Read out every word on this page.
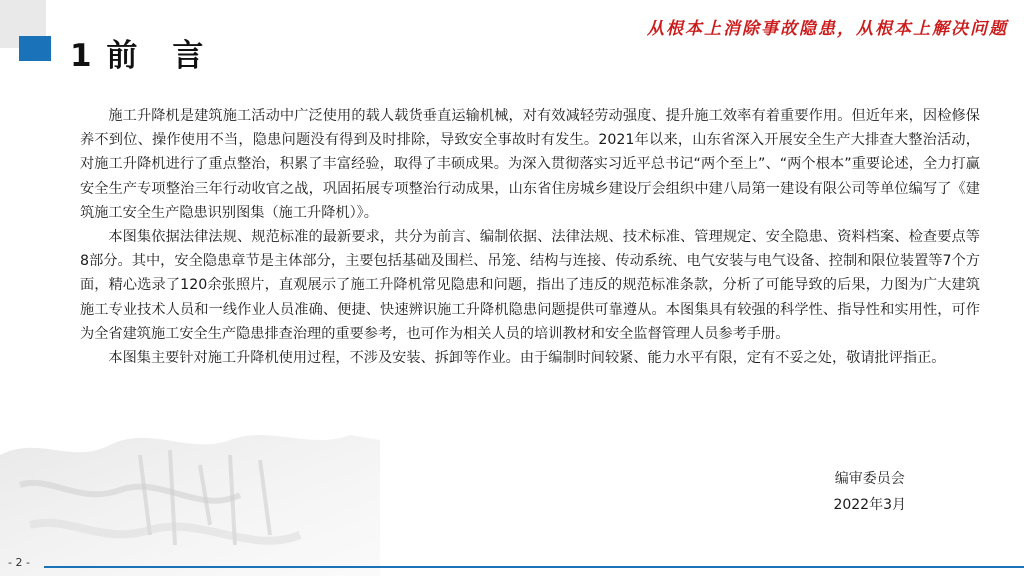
1 前　言
从根本上消除事故隐患，从根本上解决问题

施工升降机是建筑施工活动中广泛使用的载人载货垂直运输机械，对有效减轻劳动强度、提升施工效率有着重要作用。但近年来，因检修保养不到位、操作使用不当，隐患问题没有得到及时排除，导致安全事故时有发生。2021年以来，山东省深入开展安全生产大排查大整治活动，对施工升降机进行了重点整治，积累了丰富经验，取得了丰硕成果。为深入贯彻落实习近平总书记“两个至上”、“两个根本”重要论述，全力打赢安全生产专项整治三年行动收官之战，巩固拓展专项整治行动成果，山东省住房城乡建设厅会组织中建八局第一建设有限公司等单位编写了《建筑施工安全生产隐患识别图集（施工升降机）》。

本图集依据法律法规、规范标准的最新要求，共分为前言、编制依据、法律法规、技术标准、管理规定、安全隐患、资料档案、检查要点等8部分。其中，安全隐患章节是主体部分，主要包括基础及围栏、吊笼、结构与连接、传动系统、电气安装与电气设备、控制和限位装置等7个方面，精心选录了120余张照片，直观展示了施工升降机常见隐患和问题，指出了违反的规范标准条款，分析了可能导致的后果，力图为广大建筑施工专业技术人员和一线作业人员准确、便捷、快速辨识施工升降机隐患问题提供可靠遵从。本图集具有较强的科学性、指导性和实用性，可作为全省建筑施工安全生产隐患排查治理的重要参考，也可作为相关人员的培训教材和安全监督管理人员参考手册。

本图集主要针对施工升降机使用过程，不涉及安装、拆卸等作业。由于编制时间较紧、能力水平有限，定有不妥之处，敬请批评指正。

编审委员会
2022年3月
- 2 -
